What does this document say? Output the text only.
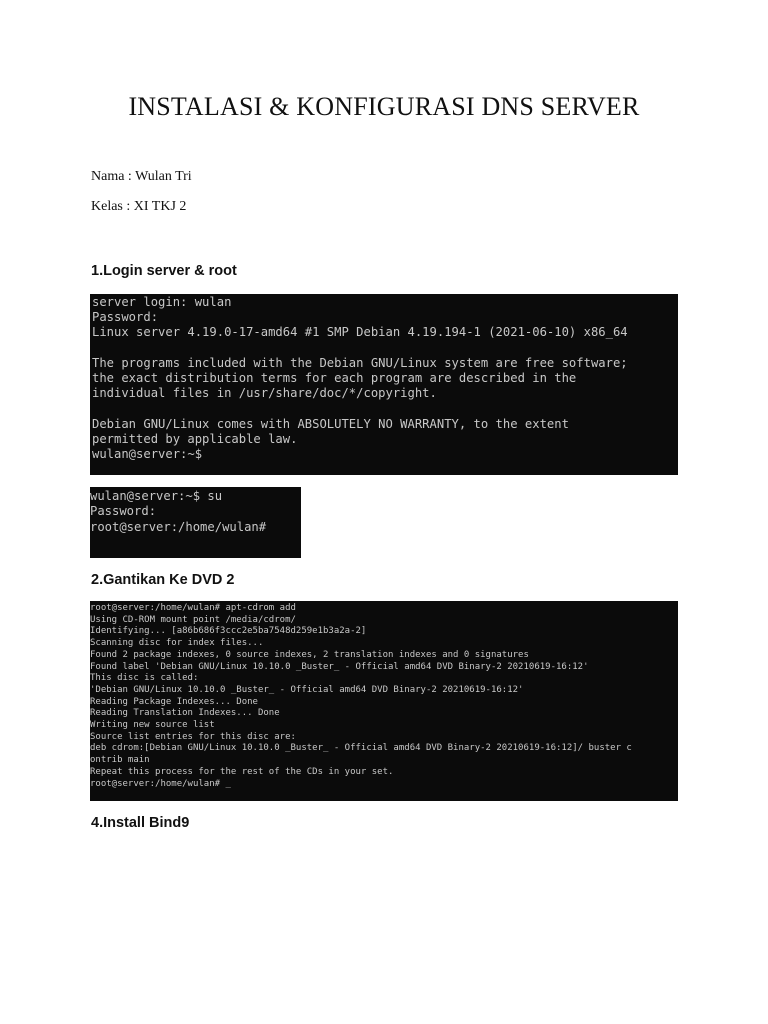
INSTALASI & KONFIGURASI DNS SERVER

Nama : Wulan Tri

Kelas : XI TKJ 2

1.Login server & root
server login: wulan
Password:
Linux server 4.19.0-17-amd64 #1 SMP Debian 4.19.194-1 (2021-06-10) x86_64

The programs included with the Debian GNU/Linux system are free software;
the exact distribution terms for each program are described in the
individual files in /usr/share/doc/*/copyright.

Debian GNU/Linux comes with ABSOLUTELY NO WARRANTY, to the extent
permitted by applicable law.
wulan@server:~$
wulan@server:~$ su
Password:
root@server:/home/wulan#
2.Gantikan Ke DVD 2
root@server:/home/wulan# apt-cdrom add
Using CD-ROM mount point /media/cdrom/
Identifying... [a86b686f3ccc2e5ba7548d259e1b3a2a-2]
Scanning disc for index files...
Found 2 package indexes, 0 source indexes, 2 translation indexes and 0 signatures
Found label 'Debian GNU/Linux 10.10.0 _Buster_ - Official amd64 DVD Binary-2 20210619-16:12'
This disc is called:
'Debian GNU/Linux 10.10.0 _Buster_ - Official amd64 DVD Binary-2 20210619-16:12'
Reading Package Indexes... Done
Reading Translation Indexes... Done
Writing new source list
Source list entries for this disc are:
deb cdrom:[Debian GNU/Linux 10.10.0 _Buster_ - Official amd64 DVD Binary-2 20210619-16:12]/ buster c
ontrib main
Repeat this process for the rest of the CDs in your set.
root@server:/home/wulan# _
4.Install Bind9
